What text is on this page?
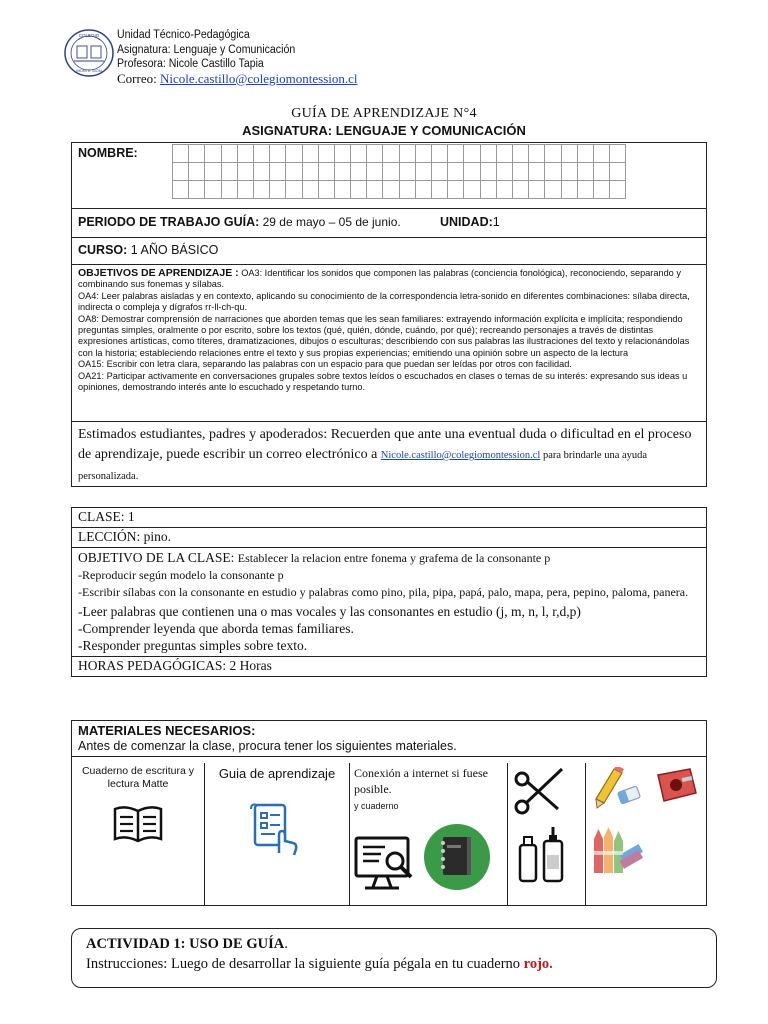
COLEGIO
MONTE SION
Unidad Técnico-Pedagógica
Asignatura: Lenguaje y Comunicación
Profesora: Nicole Castillo Tapia
Correo: Nicole.castillo@colegiomontession.cl
GUÍA DE APRENDIZAJE N°4
ASIGNATURA: LENGUAJE Y COMUNICACIÓN
NOMBRE:

PERIODO DE TRABAJO GUÍA: 29 de mayo – 05 de junio.	UNIDAD:1
CURSO: 1 AÑO BÁSICO
OBJETIVOS DE APRENDIZAJE : OA3: Identificar los sonidos que componen las palabras (conciencia fonológica), reconociendo, separando y combinando sus fonemas y sílabas.
OA4: Leer palabras aisladas y en contexto, aplicando su conocimiento de la correspondencia letra-sonido en diferentes combinaciones: sílaba directa, indirecta o compleja y dígrafos rr-ll-ch-qu.
OA8: Demostrar comprensión de narraciones que aborden temas que les sean familiares: extrayendo información explícita e implícita; respondiendo preguntas simples, oralmente o por escrito, sobre los textos (qué, quién, dónde, cuándo, por qué); recreando personajes a través de distintas expresiones artísticas, como títeres, dramatizaciones, dibujos o esculturas; describiendo con sus palabras las ilustraciones del texto y relacionándolas con la historia; estableciendo relaciones entre el texto y sus propias experiencias; emitiendo una opinión sobre un aspecto de la lectura
OA15: Escribir con letra clara, separando las palabras con un espacio para que puedan ser leídas por otros con facilidad.
OA21: Participar activamente en conversaciones grupales sobre textos leídos o escuchados en clases o temas de su interés: expresando sus ideas u opiniones, demostrando interés ante lo escuchado y respetando turno.
Estimados estudiantes, padres y apoderados: Recuerden que ante una eventual duda o dificultad en el proceso de aprendizaje, puede escribir un correo electrónico a Nicole.castillo@colegiomontession.cl para brindarle una ayuda personalizada.
CLASE: 1
LECCIÓN: pino.
OBJETIVO DE LA CLASE: Establecer la relacion entre fonema y grafema de la consonante p
-Reproducir según modelo la consonante p
-Escribir sílabas con la consonante en estudio y palabras como pino, pila, pipa, papá, palo, mapa, pera, pepino, paloma, panera.
-Leer palabras que contienen una o mas vocales y las consonantes en estudio (j, m, n, l, r,d,p)
-Comprender leyenda que aborda temas familiares.
-Responder preguntas simples sobre texto.
HORAS PEDAGÓGICAS: 2 Horas
MATERIALES NECESARIOS:
Antes de comenzar la clase, procura tener los siguientes materiales.
Cuaderno de escritura y lectura Matte
Guia de aprendizaje	Conexión a internet si fuese posible.
y cuaderno
ACTIVIDAD 1: USO DE GUÍA.
Instrucciones: Luego de desarrollar la siguiente guía pégala en tu cuaderno rojo.
